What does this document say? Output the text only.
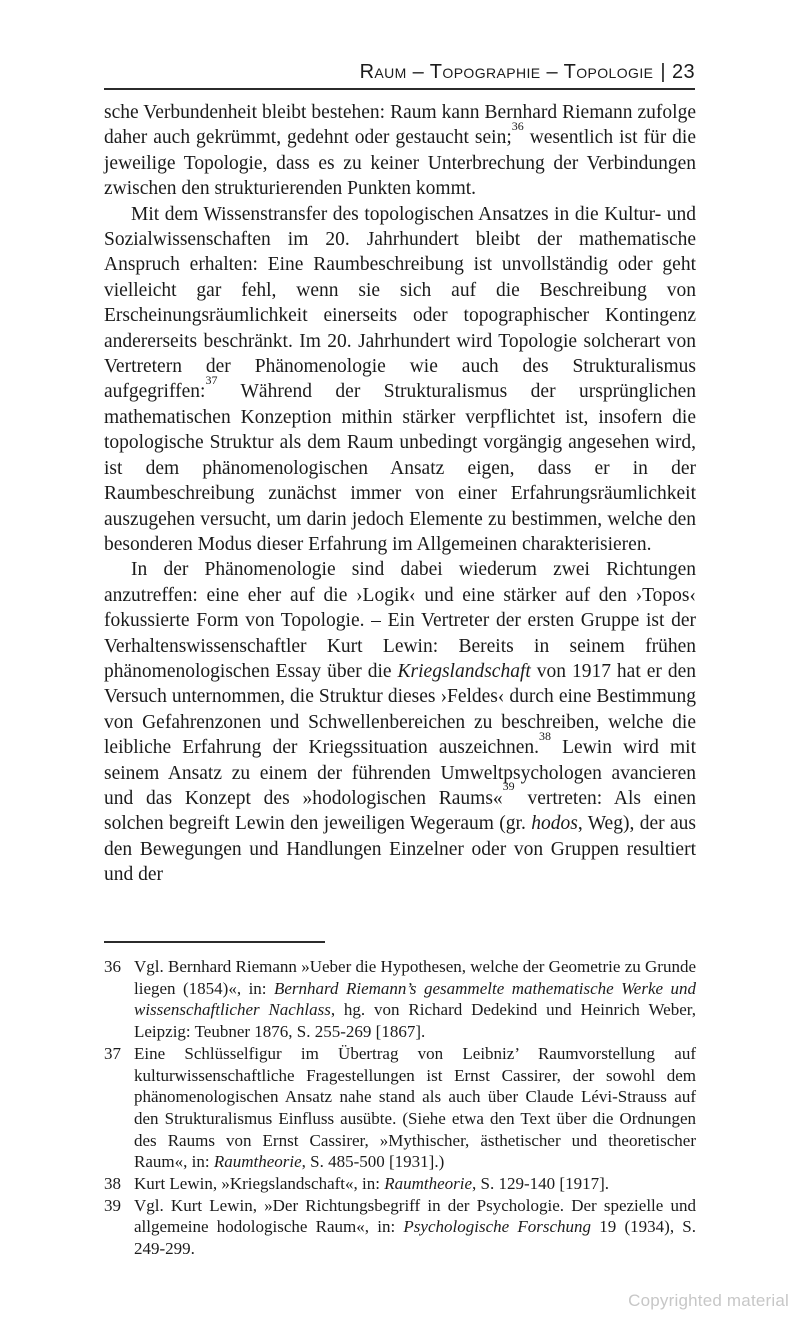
Raum – Topographie – Topologie | 23

sche Verbundenheit bleibt bestehen: Raum kann Bernhard Riemann zufolge daher auch gekrümmt, gedehnt oder gestaucht sein;$^{36}$ wesentlich ist für die jeweilige Topologie, dass es zu keiner Unterbrechung der Verbindungen zwischen den strukturierenden Punkten kommt.

Mit dem Wissenstransfer des topologischen Ansatzes in die Kultur- und Sozialwissenschaften im 20. Jahrhundert bleibt der mathematische Anspruch erhalten: Eine Raumbeschreibung ist unvollständig oder geht vielleicht gar fehl, wenn sie sich auf die Beschreibung von Erscheinungsräumlichkeit einerseits oder topographischer Kontingenz andererseits beschränkt. Im 20. Jahrhundert wird Topologie solcherart von Vertretern der Phänomenologie wie auch des Strukturalismus aufgegriffen:$^{37}$ Während der Strukturalismus der ursprünglichen mathematischen Konzeption mithin stärker verpflichtet ist, insofern die topologische Struktur als dem Raum unbedingt vorgängig angesehen wird, ist dem phänomenologischen Ansatz eigen, dass er in der Raumbeschreibung zunächst immer von einer Erfahrungsräumlichkeit auszugehen versucht, um darin jedoch Elemente zu bestimmen, welche den besonderen Modus dieser Erfahrung im Allgemeinen charakterisieren.

In der Phänomenologie sind dabei wiederum zwei Richtungen anzutreffen: eine eher auf die ›Logik‹ und eine stärker auf den ›Topos‹ fokussierte Form von Topologie. – Ein Vertreter der ersten Gruppe ist der Verhaltenswissenschaftler Kurt Lewin: Bereits in seinem frühen phänomenologischen Essay über die Kriegslandschaft von 1917 hat er den Versuch unternommen, die Struktur dieses ›Feldes‹ durch eine Bestimmung von Gefahrenzonen und Schwellenbereichen zu beschreiben, welche die leibliche Erfahrung der Kriegssituation auszeichnen.$^{38}$ Lewin wird mit seinem Ansatz zu einem der führenden Umweltpsychologen avancieren und das Konzept des »hodologischen Raums«$^{39}$ vertreten: Als einen solchen begreift Lewin den jeweiligen Wegeraum (gr. hodos, Weg), der aus den Bewegungen und Handlungen Einzelner oder von Gruppen resultiert und der

36 Vgl. Bernhard Riemann »Ueber die Hypothesen, welche der Geometrie zu Grunde liegen (1854)«, in: Bernhard Riemann’s gesammelte mathematische Werke und wissenschaftlicher Nachlass, hg. von Richard Dedekind und Heinrich Weber, Leipzig: Teubner 1876, S. 255-269 [1867].
37 Eine Schlüsselfigur im Übertrag von Leibniz’ Raumvorstellung auf kulturwissenschaftliche Fragestellungen ist Ernst Cassirer, der sowohl dem phänomenologischen Ansatz nahe stand als auch über Claude Lévi-Strauss auf den Strukturalismus Einfluss ausübte. (Siehe etwa den Text über die Ordnungen des Raums von Ernst Cassirer, »Mythischer, ästhetischer und theoretischer Raum«, in: Raumtheorie, S. 485-500 [1931].)
38 Kurt Lewin, »Kriegslandschaft«, in: Raumtheorie, S. 129-140 [1917].
39 Vgl. Kurt Lewin, »Der Richtungsbegriff in der Psychologie. Der spezielle und allgemeine hodologische Raum«, in: Psychologische Forschung 19 (1934), S. 249-299.
Copyrighted material
